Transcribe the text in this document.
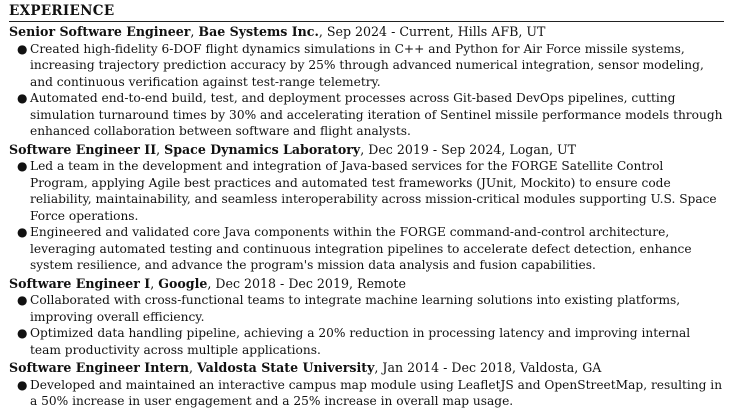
EXPERIENCE
Senior Software Engineer, Bae Systems Inc., Sep 2024 - Current, Hills AFB, UT
● Created high-fidelity 6-DOF flight dynamics simulations in C++ and Python for Air Force missile systems, increasing trajectory prediction accuracy by 25% through advanced numerical integration, sensor modeling, and continuous verification against test-range telemetry.
● Automated end-to-end build, test, and deployment processes across Git-based DevOps pipelines, cutting simulation turnaround times by 30% and accelerating iteration of Sentinel missile performance models through enhanced collaboration between software and flight analysts.
Software Engineer II, Space Dynamics Laboratory, Dec 2019 - Sep 2024, Logan, UT
● Led a team in the development and integration of Java-based services for the FORGE Satellite Control Program, applying Agile best practices and automated test frameworks (JUnit, Mockito) to ensure code reliability, maintainability, and seamless interoperability across mission-critical modules supporting U.S. Space Force operations.
● Engineered and validated core Java components within the FORGE command-and-control architecture, leveraging automated testing and continuous integration pipelines to accelerate defect detection, enhance system resilience, and advance the program's mission data analysis and fusion capabilities.
Software Engineer I, Google, Dec 2018 - Dec 2019, Remote
● Collaborated with cross-functional teams to integrate machine learning solutions into existing platforms, improving overall efficiency.
● Optimized data handling pipeline, achieving a 20% reduction in processing latency and improving internal team productivity across multiple applications.
Software Engineer Intern, Valdosta State University, Jan 2014 - Dec 2018, Valdosta, GA
● Developed and maintained an interactive campus map module using LeafletJS and OpenStreetMap, resulting in a 50% increase in user engagement and a 25% increase in overall map usage.
